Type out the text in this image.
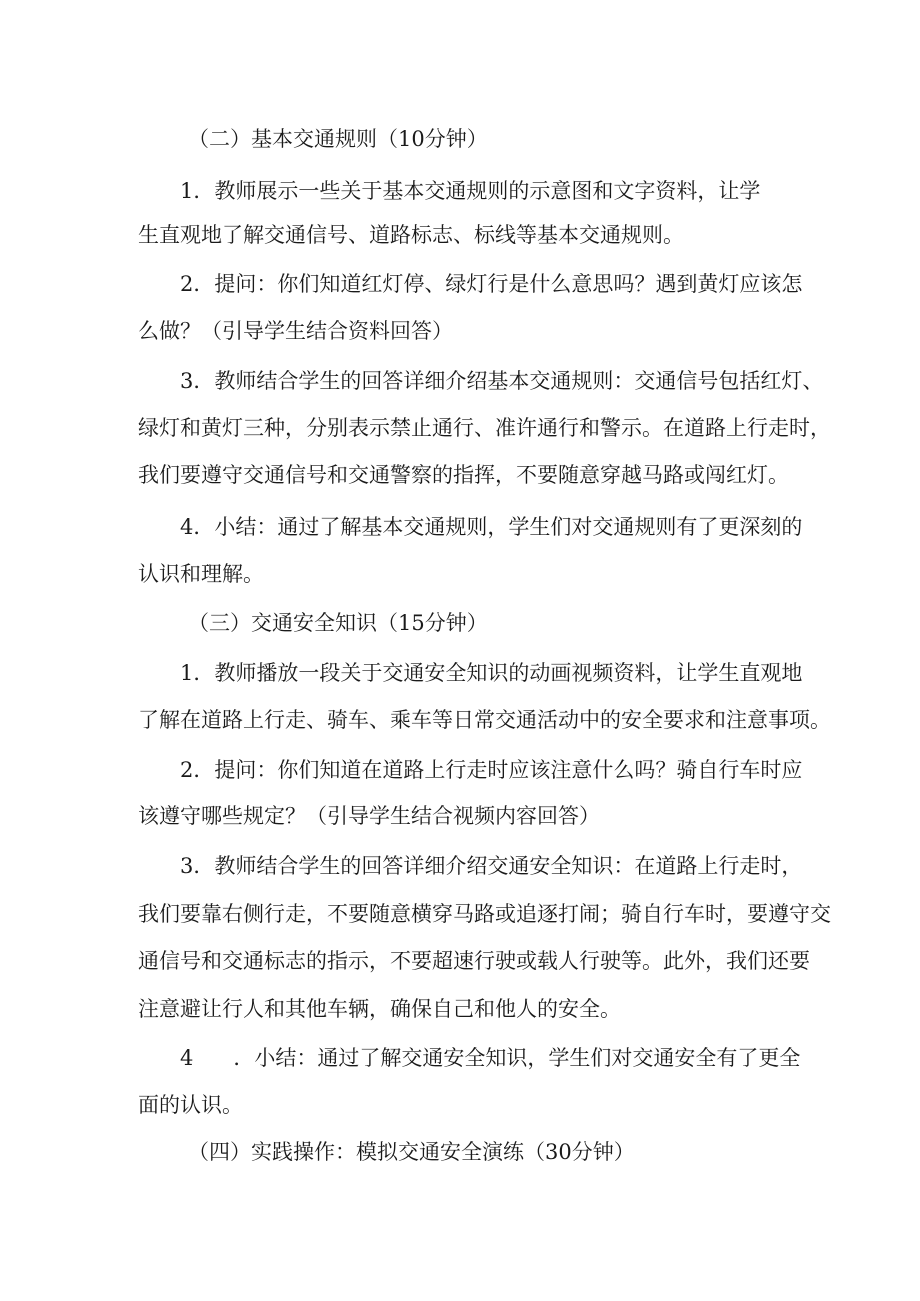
（二）基本交通规则（10分钟）
1．教师展示一些关于基本交通规则的示意图和文字资料，让学
生直观地了解交通信号、道路标志、标线等基本交通规则。
2．提问：你们知道红灯停、绿灯行是什么意思吗？遇到黄灯应该怎
么做？（引导学生结合资料回答）
3．教师结合学生的回答详细介绍基本交通规则：交通信号包括红灯、
绿灯和黄灯三种，分别表示禁止通行、准许通行和警示。在道路上行走时，
我们要遵守交通信号和交通警察的指挥，不要随意穿越马路或闯红灯。
4．小结：通过了解基本交通规则，学生们对交通规则有了更深刻的
认识和理解。
（三）交通安全知识（15分钟）
1．教师播放一段关于交通安全知识的动画视频资料，让学生直观地
了解在道路上行走、骑车、乘车等日常交通活动中的安全要求和注意事项。
2．提问：你们知道在道路上行走时应该注意什么吗？骑自行车时应
该遵守哪些规定？（引导学生结合视频内容回答）
3．教师结合学生的回答详细介绍交通安全知识：在道路上行走时，
我们要靠右侧行走，不要随意横穿马路或追逐打闹；骑自行车时，要遵守交
通信号和交通标志的指示，不要超速行驶或载人行驶等。此外，我们还要
注意避让行人和其他车辆，确保自己和他人的安全。
4 ．小结：通过了解交通安全知识，学生们对交通安全有了更全
面的认识。
（四）实践操作：模拟交通安全演练（30分钟）
